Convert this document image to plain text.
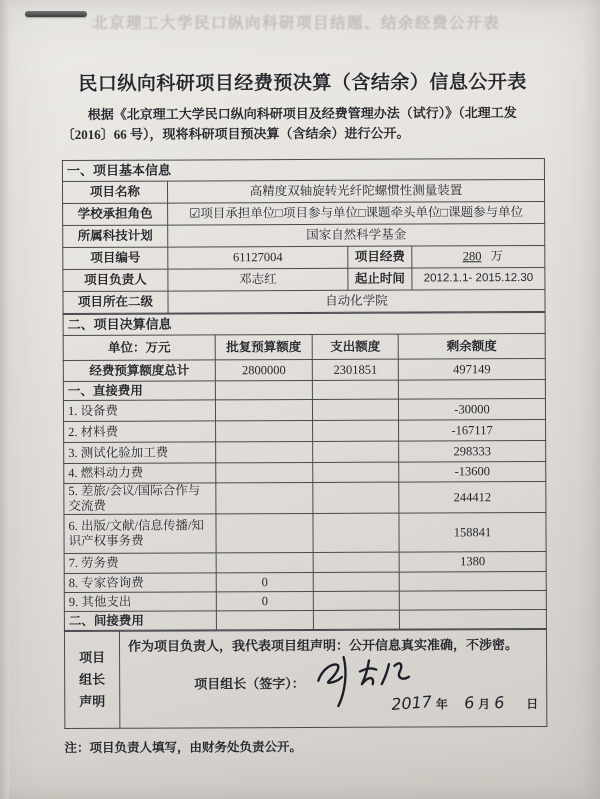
北京理工大学民口纵向科研项目结题、结余经费公开表
民口纵向科研项目经费预决算（含结余）信息公开表
根据《北京理工大学民口纵向科研项目及经费管理办法（试行）》（北理工发〔2016〕66 号），现将科研项目预决算（含结余）进行公开。
一、项目基本信息			
项目名称	高精度双轴旋转光纤陀螺惯性测量装置		
学校承担角色	☑项目承担单位□项目参与单位□课题牵头单位□课题参与单位		
所属科技计划	国家自然科学基金		
项目编号	61127004	项目经费	280 万
项目负责人	邓志红	起止时间	2012.1.1- 2015.12.30
项目所在二级	自动化学院		
二、项目决算信息			
单位：万元	批复预算额度	支出额度	剩余额度
经费预算额度总计	2800000	2301851	497149
一、直接费用			
1. 设备费			-30000
2. 材料费			-167117
3. 测试化验加工费			298333
4. 燃料动力费			-13600
5. 差旅/会议/国际合作与交流费			244412
6. 出版/文献/信息传播/知识产权事务费			158841
7. 劳务费			1380
8. 专家咨询费	0		
9. 其他支出	0		
二、间接费用			
项目
组长
声明

作为项目负责人，我代表项目组声明：公开信息真实准确，不涉密。
项目组长（签字）：
2017 年 6 月 6 日
注：项目负责人填写，由财务处负责公开。
